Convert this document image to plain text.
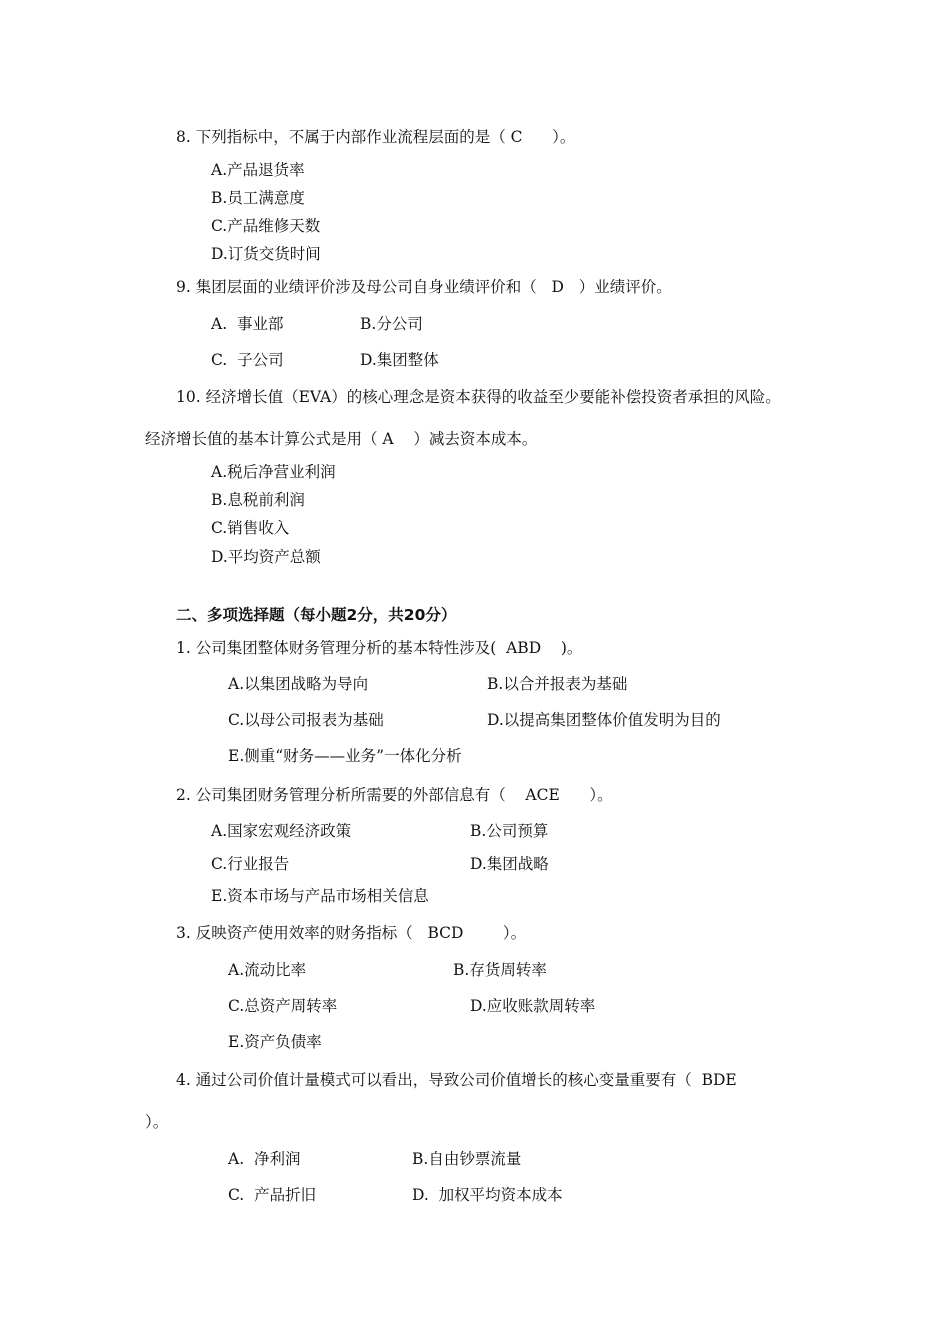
8. 下列指标中，不属于内部作业流程层面的是（ C      ）。
A.产品退货率
B.员工满意度
C.产品维修天数
D.订货交货时间
9. 集团层面的业绩评价涉及母公司自身业绩评价和（   D   ）业绩评价。
A.  事业部	B.分公司
C.  子公司	D.集团整体
10. 经济增长值（EVA）的核心理念是资本获得的收益至少要能补偿投资者承担的风险。
经济增长值的基本计算公式是用（ A    ）减去资本成本。
A.税后净营业利润
B.息税前利润
C.销售收入
D.平均资产总额
二、多项选择题（每小题2分，共20分）
1. 公司集团整体财务管理分析的基本特性涉及(  ABD    )。
A.以集团战略为导向	B.以合并报表为基础
C.以母公司报表为基础	D.以提高集团整体价值发明为目的
E.侧重“财务——业务”一体化分析
2. 公司集团财务管理分析所需要的外部信息有（    ACE      ）。
A.国家宏观经济政策	B.公司预算
C.行业报告	D.集团战略
E.资本市场与产品市场相关信息
3. 反映资产使用效率的财务指标（   BCD        ）。
A.流动比率	B.存货周转率
C.总资产周转率	D.应收账款周转率
E.资产负债率
4. 通过公司价值计量模式可以看出，导致公司价值增长的核心变量重要有（  BDE
）。
A.  净利润	B.自由钞票流量
C.  产品折旧	D.  加权平均资本成本
